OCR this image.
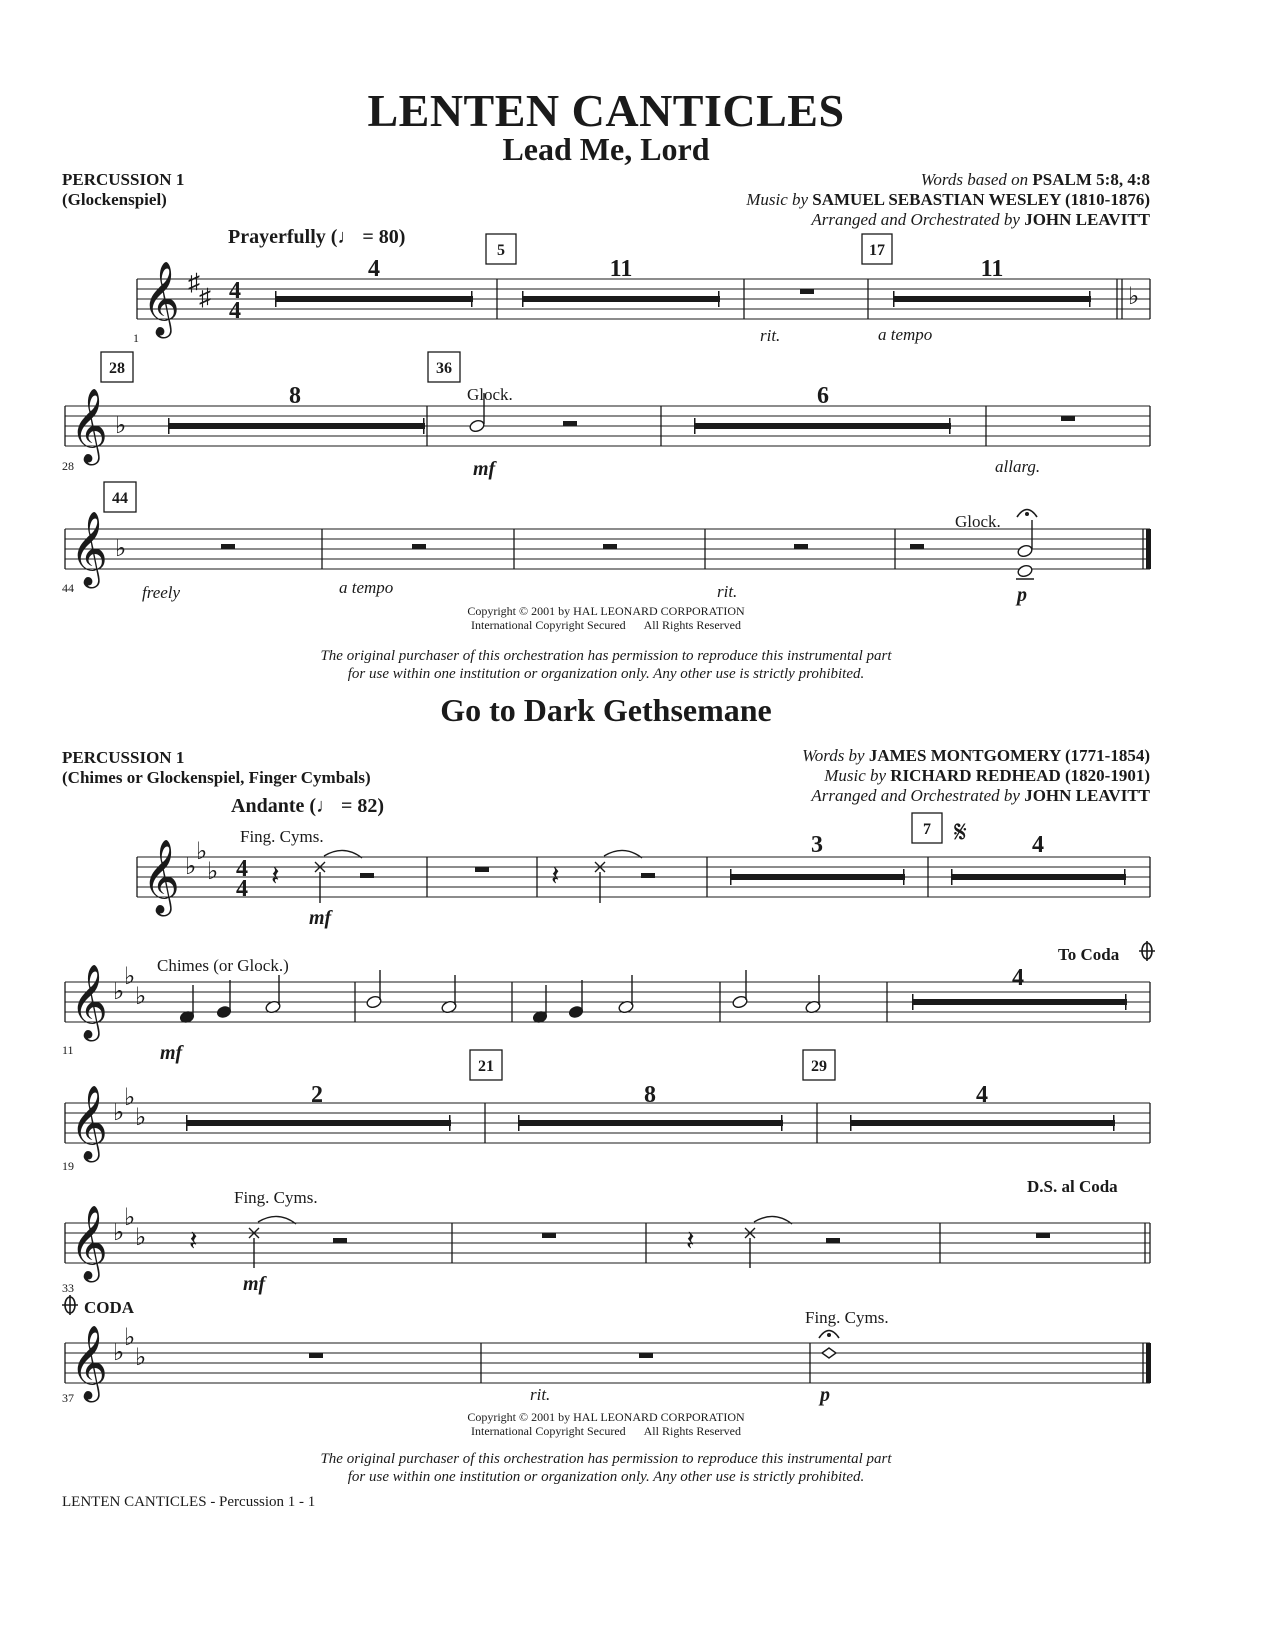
LENTEN CANTICLES
Lead Me, Lord
PERCUSSION 1
(Glockenspiel)
Words based on PSALM 5:8, 4:8
Music by SAMUEL SEBASTIAN WESLEY (1810-1876)
Arranged and Orchestrated by JOHN LEAVITT
Prayerfully (♩ = 80)
Copyright © 2001 by HAL LEONARD CORPORATION
International Copyright Secured All Rights Reserved
The original purchaser of this orchestration has permission to reproduce this instrumental part
for use within one institution or organization only. Any other use is strictly prohibited.
Go to Dark Gethsemane
PERCUSSION 1
(Chimes or Glockenspiel, Finger Cymbals)
Words by JAMES MONTGOMERY (1771-1854)
Music by RICHARD REDHEAD (1820-1901)
Arranged and Orchestrated by JOHN LEAVITT
Andante (♩ = 82)
Copyright © 2001 by HAL LEONARD CORPORATION
International Copyright Secured All Rights Reserved
The original purchaser of this orchestration has permission to reproduce this instrumental part
for use within one institution or organization only. Any other use is strictly prohibited.
LENTEN CANTICLES - Percussion 1 - 1
𝄞
𝄞
𝄞
𝄞
𝄞
𝄞
𝄞
𝄞
♯
♯	♭
♭
♭
♭
♭
♭
♭
♭
♭
♭
♭
♭
♭
♭
♭
♭
♭
♭
4
4
4
4
4	11	11
8	6
3	4
4
2	8	4
𝄽	𝄽
𝄽	𝄽
5	17
28	36
44
7
21	29
𝄋
1
28
44
11
19
33
37
rit.	a tempo
allarg.
freely	a tempo	rit.
rit.
Glock.
Glock.
Fing. Cyms.
Chimes (or Glock.)
Fing. Cyms.
Fing. Cyms.
To Coda
D.S. al Coda
CODA
mf
p
mf
mf
mf
p
